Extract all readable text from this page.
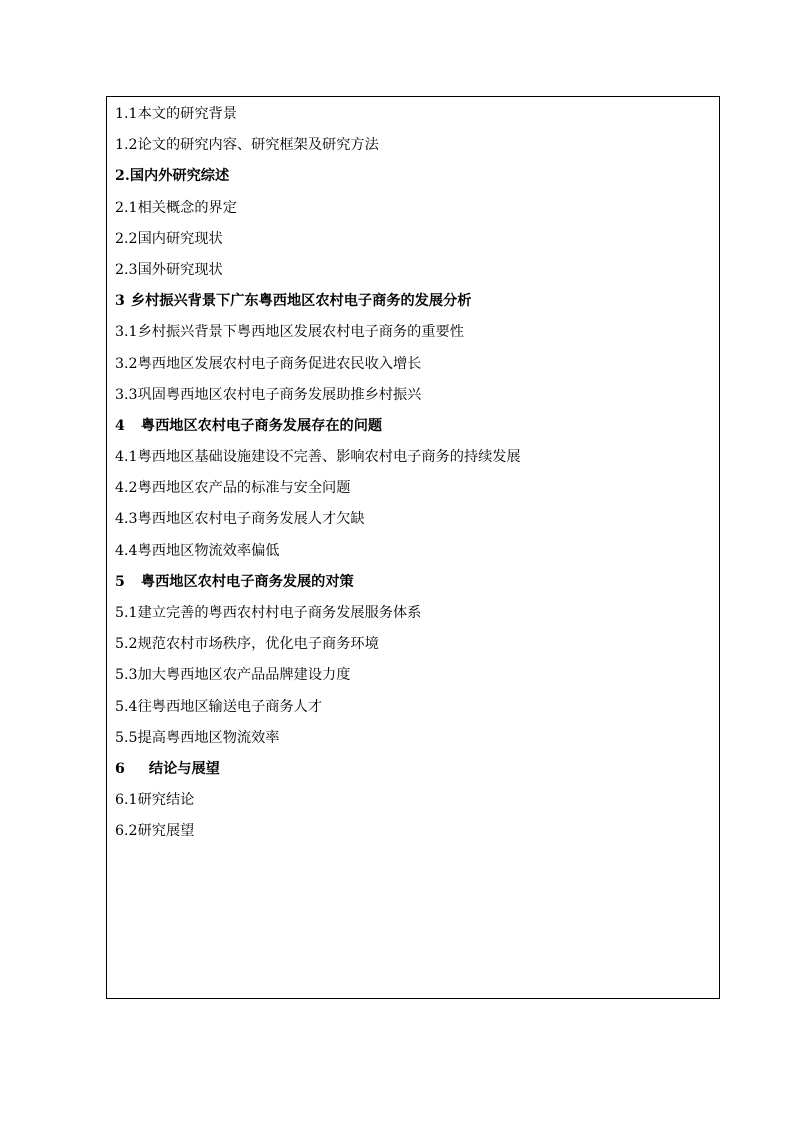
1.1本文的研究背景
1.2论文的研究内容、研究框架及研究方法
2.国内外研究综述
2.1相关概念的界定
2.2国内研究现状
2.3国外研究现状
3 乡村振兴背景下广东粤西地区农村电子商务的发展分析
3.1乡村振兴背景下粤西地区发展农村电子商务的重要性
3.2粤西地区发展农村电子商务促进农民收入增长
3.3巩固粤西地区农村电子商务发展助推乡村振兴
4 粤西地区农村电子商务发展存在的问题
4.1粤西地区基础设施建设不完善、影响农村电子商务的持续发展
4.2粤西地区农产品的标准与安全问题
4.3粤西地区农村电子商务发展人才欠缺
4.4粤西地区物流效率偏低
5 粤西地区农村电子商务发展的对策
5.1建立完善的粤西农村村电子商务发展服务体系
5.2规范农村市场秩序，优化电子商务环境
5.3加大粤西地区农产品品牌建设力度
5.4往粤西地区输送电子商务人才
5.5提高粤西地区物流效率
6 结论与展望
6.1研究结论
6.2研究展望
